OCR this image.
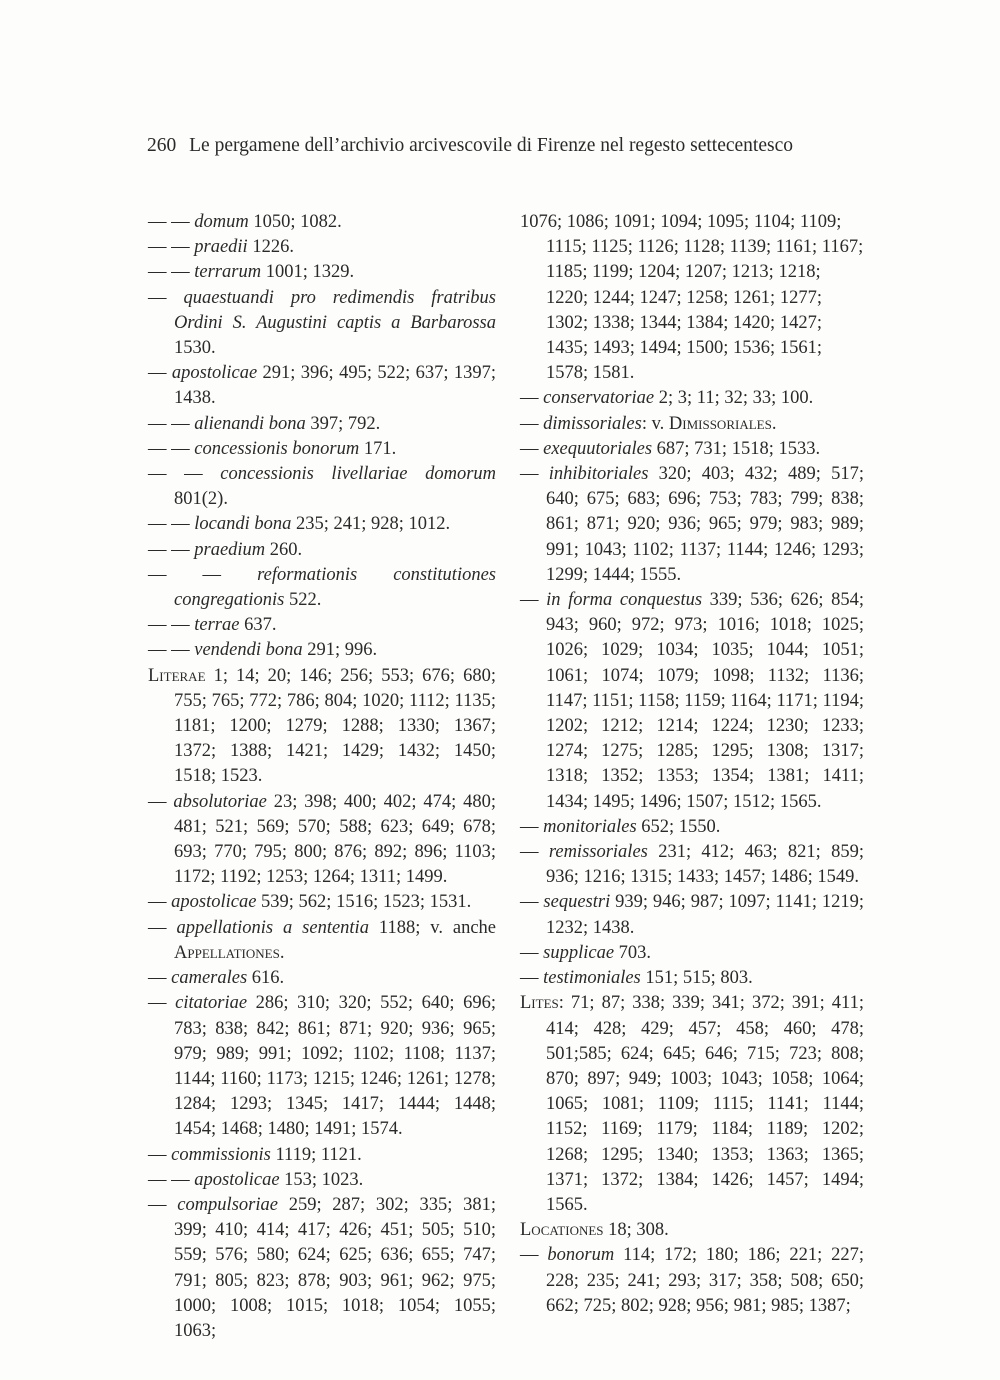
260 Le pergamene dell’archivio arcivescovile di Firenze nel regesto settecentesco

— — domum 1050; 1082.

— — praedii 1226.

— — terrarum 1001; 1329.

— quaestuandi pro redimendis fratribus Ordini S. Augustini captis a Barbarossa 1530.

— apostolicae 291; 396; 495; 522; 637; 1397; 1438.

— — alienandi bona 397; 792.

— — concessionis bonorum 171.

— — concessionis livellariae domorum 801(2).

— — locandi bona 235; 241; 928; 1012.

— — praedium 260.

— — reformationis constitutiones congregationis 522.

— — terrae 637.

— — vendendi bona 291; 996.

Literae 1; 14; 20; 146; 256; 553; 676; 680; 755; 765; 772; 786; 804; 1020; 1112; 1135; 1181; 1200; 1279; 1288; 1330; 1367; 1372; 1388; 1421; 1429; 1432; 1450; 1518; 1523.

— absolutoriae 23; 398; 400; 402; 474; 480; 481; 521; 569; 570; 588; 623; 649; 678; 693; 770; 795; 800; 876; 892; 896; 1103; 1172; 1192; 1253; 1264; 1311; 1499.

— apostolicae 539; 562; 1516; 1523; 1531.

— appellationis a sententia 1188; v. anche Appellationes.

— camerales 616.

— citatoriae 286; 310; 320; 552; 640; 696; 783; 838; 842; 861; 871; 920; 936; 965; 979; 989; 991; 1092; 1102; 1108; 1137; 1144; 1160; 1173; 1215; 1246; 1261; 1278; 1284; 1293; 1345; 1417; 1444; 1448; 1454; 1468; 1480; 1491; 1574.

— commissionis 1119; 1121.

— — apostolicae 153; 1023.

— compulsoriae 259; 287; 302; 335; 381; 399; 410; 414; 417; 426; 451; 505; 510; 559; 576; 580; 624; 625; 636; 655; 747; 791; 805; 823; 878; 903; 961; 962; 975; 1000; 1008; 1015; 1018; 1054; 1055; 1063;

1076; 1086; 1091; 1094; 1095; 1104; 1109; 1115; 1125; 1126; 1128; 1139; 1161; 1167; 1185; 1199; 1204; 1207; 1213; 1218; 1220; 1244; 1247; 1258; 1261; 1277; 1302; 1338; 1344; 1384; 1420; 1427; 1435; 1493; 1494; 1500; 1536; 1561; 1578; 1581.

— conservatoriae 2; 3; 11; 32; 33; 100.

— dimissoriales: v. Dimissoriales.

— exequutoriales 687; 731; 1518; 1533.

— inhibitoriales 320; 403; 432; 489; 517; 640; 675; 683; 696; 753; 783; 799; 838; 861; 871; 920; 936; 965; 979; 983; 989; 991; 1043; 1102; 1137; 1144; 1246; 1293; 1299; 1444; 1555.

— in forma conquestus 339; 536; 626; 854; 943; 960; 972; 973; 1016; 1018; 1025; 1026; 1029; 1034; 1035; 1044; 1051; 1061; 1074; 1079; 1098; 1132; 1136; 1147; 1151; 1158; 1159; 1164; 1171; 1194; 1202; 1212; 1214; 1224; 1230; 1233; 1274; 1275; 1285; 1295; 1308; 1317; 1318; 1352; 1353; 1354; 1381; 1411; 1434; 1495; 1496; 1507; 1512; 1565.

— monitoriales 652; 1550.

— remissoriales 231; 412; 463; 821; 859; 936; 1216; 1315; 1433; 1457; 1486; 1549.

— sequestri 939; 946; 987; 1097; 1141; 1219; 1232; 1438.

— supplicae 703.

— testimoniales 151; 515; 803.

Lites: 71; 87; 338; 339; 341; 372; 391; 411; 414; 428; 429; 457; 458; 460; 478; 501;585; 624; 645; 646; 715; 723; 808; 870; 897; 949; 1003; 1043; 1058; 1064; 1065; 1081; 1109; 1115; 1141; 1144; 1152; 1169; 1179; 1184; 1189; 1202; 1268; 1295; 1340; 1353; 1363; 1365; 1371; 1372; 1384; 1426; 1457; 1494; 1565.

Locationes 18; 308.

— bonorum 114; 172; 180; 186; 221; 227; 228; 235; 241; 293; 317; 358; 508; 650; 662; 725; 802; 928; 956; 981; 985; 1387;
